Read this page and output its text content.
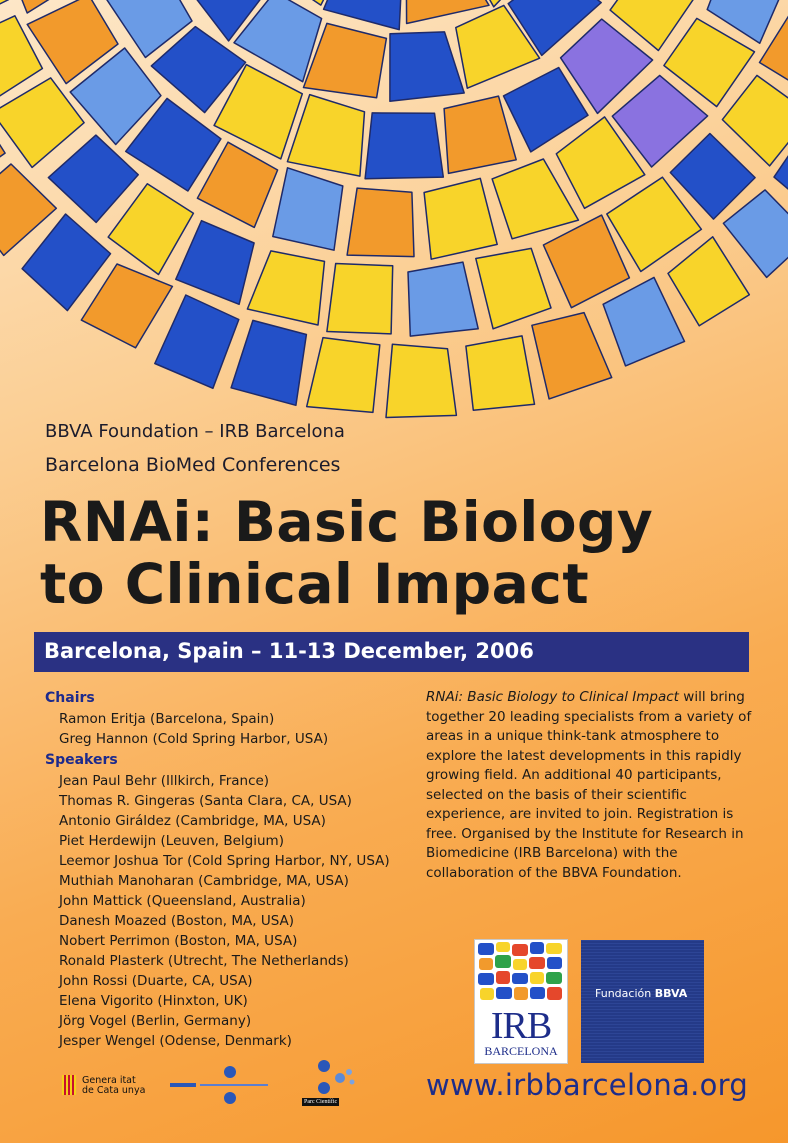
BBVA Foundation – IRB Barcelona
Barcelona BioMed Conferences
RNAi: Basic Biology
to Clinical Impact
Barcelona, Spain – 11-13 December, 2006
Chairs
Ramon Eritja (Barcelona, Spain)
Greg Hannon (Cold Spring Harbor, USA)
Speakers
Jean Paul Behr (Illkirch, France)
Thomas R. Gingeras (Santa Clara, CA, USA)
Antonio Giráldez (Cambridge, MA, USA)
Piet Herdewijn (Leuven, Belgium)
Leemor Joshua Tor (Cold Spring Harbor, NY, USA)
Muthiah Manoharan (Cambridge, MA, USA)
John Mattick (Queensland, Australia)
Danesh Moazed (Boston, MA, USA)
Nobert Perrimon (Boston, MA, USA)
Ronald Plasterk (Utrecht, The Netherlands)
John Rossi (Duarte, CA, USA)
Elena Vigorito (Hinxton, UK)
Jörg Vogel (Berlin, Germany)
Jesper Wengel (Odense, Denmark)
RNAi: Basic Biology to Clinical Impact will bring together 20 leading specialists from a variety of areas in a unique think-tank atmosphere to explore the latest developments in this rapidly growing field. An additional 40 participants, selected on the basis of their scientific experience, are invited to join. Registration is free. Organised by the Institute for Research in Biomedicine (IRB Barcelona) with the collaboration of the BBVA Foundation.
IRB
BARCELONA
Fundación BBVA
Genera itat
de Cata unya
Parc Científic	www.irbbarcelona.org
